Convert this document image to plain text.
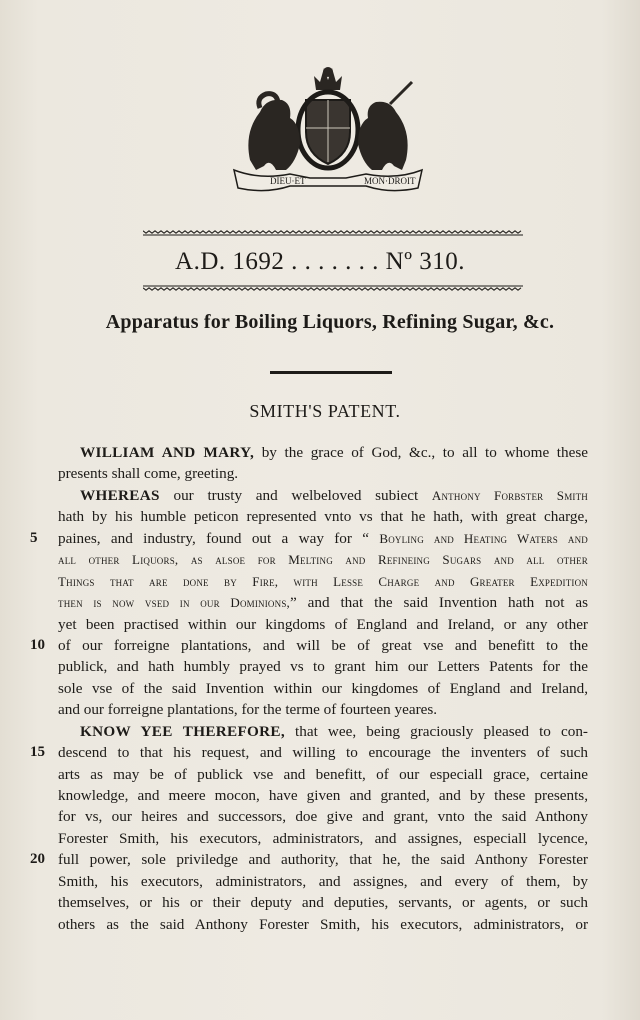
DIEU·ET	MON·DROIT
A.D. 1692 . . . . . . . Nº 310.
Apparatus for Boiling Liquors, Refining Sugar, &c.
SMITH'S PATENT.
WILLIAM AND MARY, by the grace of God, &c., to all to whome these
presents shall come, greeting.
WHEREAS our trusty and welbeloved subiect Anthony Forbster Smith
hath by his humble peticon represented vnto vs that he hath, with great charge,
5	paines, and industry, found out a way for “ Boyling and Heating Waters and
all other Liquors, as alsoe for Melting and Refineing Sugars and all other
Things that are done by Fire, with Lesse Charge and Greater Expedition
then is now vsed in our Dominions,” and that the said Invention hath not as
yet been practised within our kingdoms of England and Ireland, or any other
10 of our forreigne plantations, and will be of great vse and benefitt to the
publick, and hath humbly prayed vs to grant him our Letters Patents for the
sole vse of the said Invention within our kingdomes of England and Ireland,
and our forreigne plantations, for the terme of fourteen yeares.
KNOW YEE THEREFORE, that wee, being graciously pleased to con-
15 descend to that his request, and willing to encourage the inventers of such
arts as may be of publick vse and benefitt, of our especiall grace, certaine
knowledge, and meere mocon, have given and granted, and by these presents,
for vs, our heires and successors, doe give and grant, vnto the said Anthony
Forester Smith, his executors, administrators, and assignes, especiall lycence,
20 full power, sole priviledge and authority, that he, the said Anthony Forester
Smith, his executors, administrators, and assignes, and every of them, by
themselves, or his or their deputy and deputies, servants, or agents, or such
others as the said Anthony Forester Smith, his executors, administrators, or
